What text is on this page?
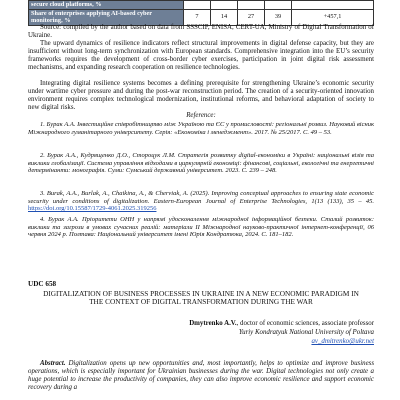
secure cloud platforms, %					
Share of enterprises applying AI-based cyber monitoring, %	7	14	27	39	+457,1

Source: compiled by the author based on data from SSSCIP, ENISA, CERT-UA, Ministry of Digital Transformation of Ukraine.

The upward dynamics of resilience indicators reflect structural improvements in digital defense capacity, but they are insufficient without long-term synchronization with European standards. Comprehensive integration into the EU’s security frameworks requires the development of cross-border cyber exercises, participation in joint digital risk assessment mechanisms, and expanding research cooperation on resilience technologies.

Integrating digital resilience systems becomes a defining prerequisite for strengthening Ukraine’s economic security under wartime cyber pressure and during the post-war reconstruction period. The creation of a security-oriented innovation environment requires complex technological modernization, institutional reforms, and behavioral adaptation of society to new digital risks.

Reference:

1. Бурак А.А. Інвестиційне співробітництво між Україною та ЄС у промисловості: регіональні розвиз. Науковий вісник Міжнародного гуманітарного університету. Серія: «Економіка і менеджмент». 2017. № 25/2017. С. 49 – 53.

2. Бурак А.А., Кудрященко Д.О., Стороцук Л.М. Стратегія розвитку digital-економіки в Україні: національні візія та виклики глобалізації. Система управління відходами в циркулярній економіці: фінансові, соціальні, екологічні та енергетичні детермінанти: монографія. Суми: Сумський державний університет. 2023. С. 239 – 248.

3. Burak, A.A., Burlak, A., Chaikina, A., & Cherviak, A. (2025). Improving conceptual approaches to ensuring state economic security under conditions of digitalization. Eastern-European Journal of Enterprise Technologies, 1(13 (133), 35 – 45. https://doi.org/10.15587/1729-4061.2025.319256

4. Бурак А.А. Пріоритети ОНН у напрямі удосконалення міжнародної інформаційної безпеки. Сталий розвиток: виклики та загрози в умовах сучасних реалій: матеріали II Міжнародної науково-практичної інтернет-конференції, 06 червня 2024 р. Полтава: Національний університет імені Юрія Кондратюка, 2024. С. 181–182.

UDC 658

DIGITALIZATION OF BUSINESS PROCESSES IN UKRAINE IN A NEW ECONOMIC PARADIGM IN THE CONTEXT OF DIGITAL TRANSFORMATION DURING THE WAR

Dmytrenko A.V., doctor of economic sciences, associate professor
Yuriy Kondratyuk National University of Poltava
av_dmitrenko@ukr.net

Abstract. Digitalization opens up new opportunities and, most importantly, helps to optimize and improve business operations, which is especially important for Ukrainian businesses during the war. Digital technologies not only create a huge potential to increase the productivity of companies, they can also improve economic resilience and support economic recovery during a
